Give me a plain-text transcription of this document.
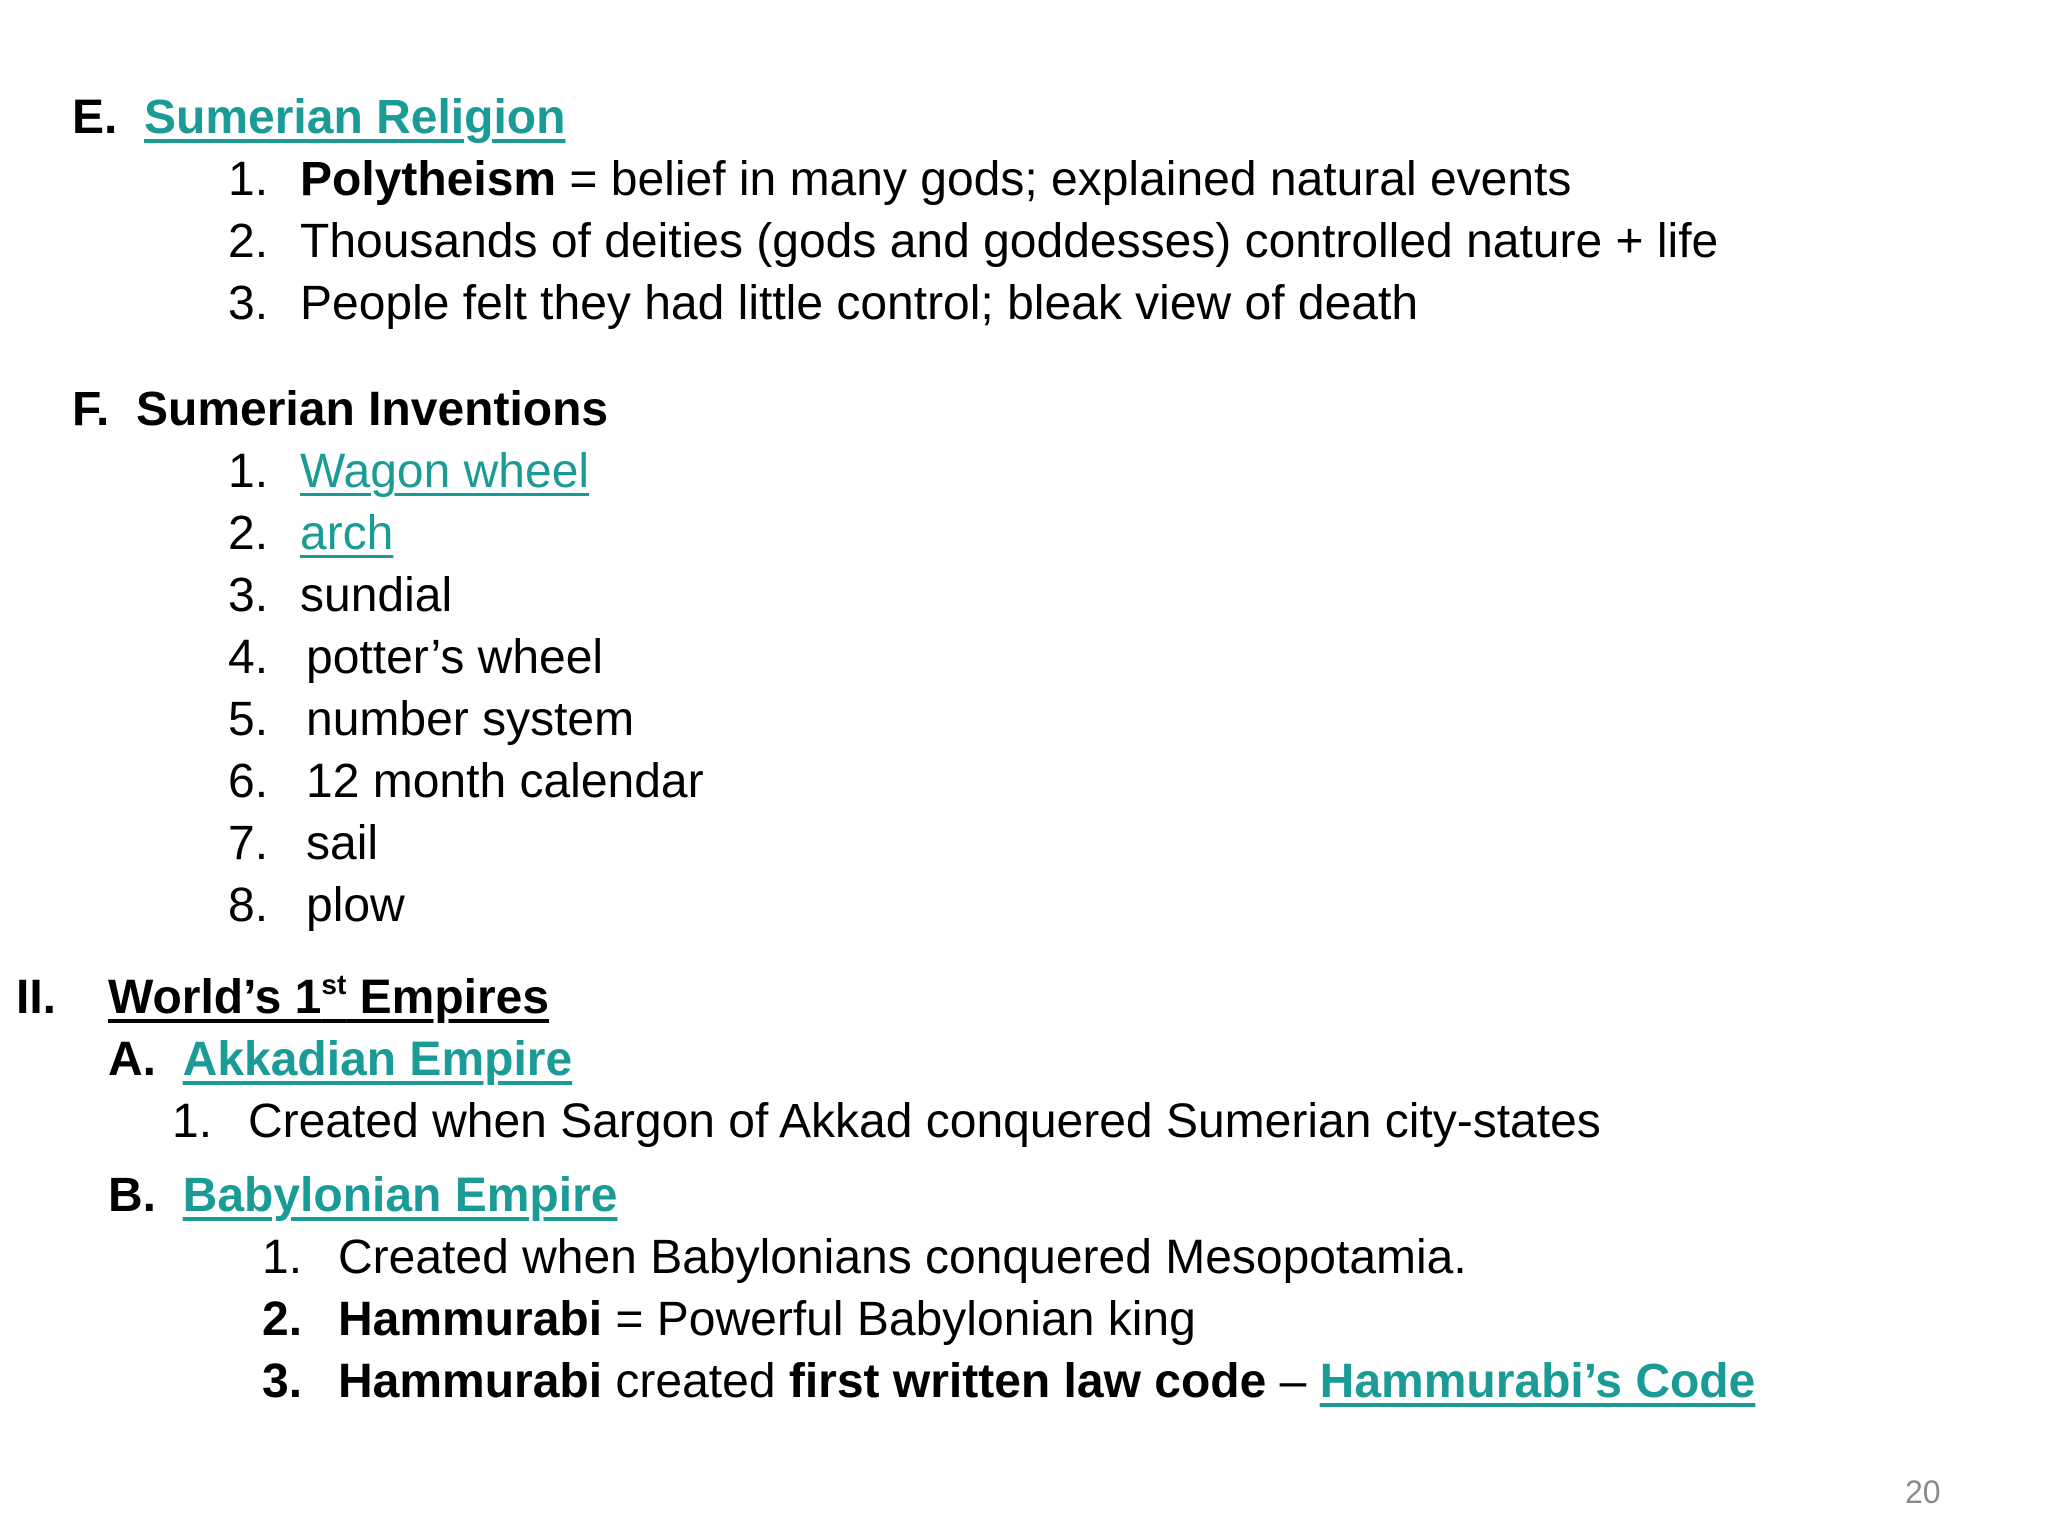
E. Sumerian Religion
1. Polytheism = belief in many gods; explained natural events
2. Thousands of deities (gods and goddesses) controlled nature + life
3. People felt they had little control; bleak view of death
F. Sumerian Inventions
1. Wagon wheel
2. arch
3. sundial
4. potter’s wheel
5. number system
6. 12 month calendar
7. sail
8. plow
II. World’s 1st Empires
A. Akkadian Empire
1. Created when Sargon of Akkad conquered Sumerian city-states
B. Babylonian Empire
1. Created when Babylonians conquered Mesopotamia.
2. Hammurabi = Powerful Babylonian king
3. Hammurabi created first written law code – Hammurabi’s Code
20
